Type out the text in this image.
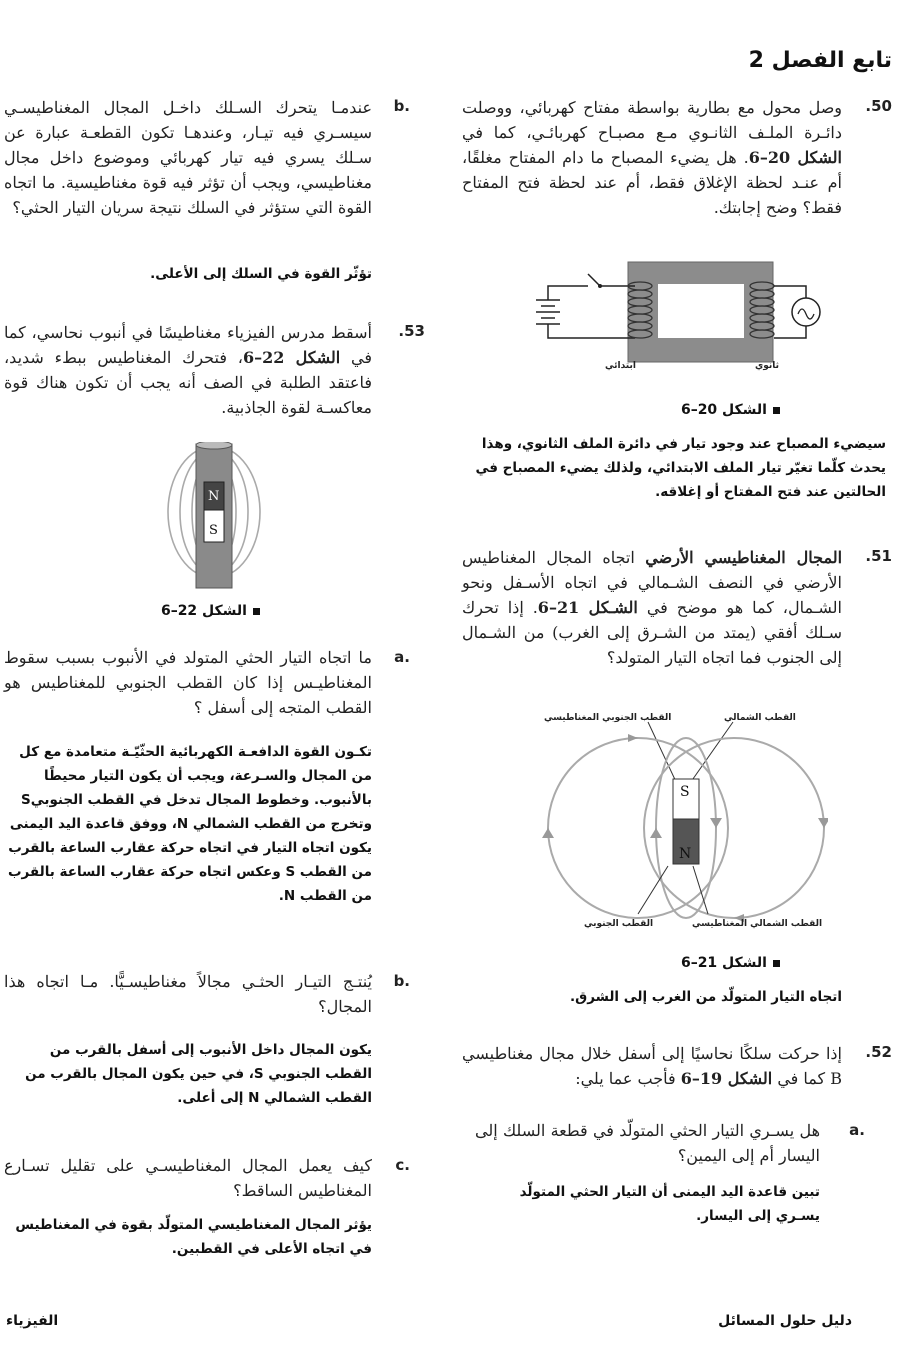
تابع الفصل 2
.50
وصل محول مع بطارية بواسطة مفتاح كهربائي، ووصلت دائـرة الملـف الثانـوي مـع مصبـاح كهربائـي، كما في الشكل 20–6. هل يضيء المصباح ما دام المفتاح مغلقًا، أم عنـد لحظة الإغلاق فقط، أم عند لحظة فتح المفتاح فقط؟ وضح إجابتك.
ابتدائي	ثانوي
الشكل 20–6
سيضيء المصباح عند وجود تيار في دائرة الملف الثانوي، وهذا يحدث كلّما تغيّر تيار الملف الابتدائي، ولذلك يضيء المصباح في الحالتين عند فتح المفتاح أو إغلاقه.
.51
المجال المغناطيسي الأرضي اتجاه المجال المغناطيس الأرضي في النصف الشـمالي في اتجاه الأسـفل ونحو الشـمال، كما هو موضح في الشـكل 21–6. إذا تحرك سـلك أفقي (يمتد من الشـرق إلى الغرب) من الشـمال إلى الجنوب فما اتجاه التيار المتولد؟
القطب الجنوبي المغناطيسي	القطب الشمالي
S
N
القطب الجنوبي	القطب الشمالي المغناطيسي
الشكل 21–6
اتجاه التيار المتولّد من الغرب إلى الشرق.
.52
إذا حركت سلكًا نحاسيًا إلى أسفل خلال مجال مغناطيسي B كما في الشكل 19–6 فأجب عما يلي:
a.
هل يسـري التيار الحثي المتولّد في قطعة السلك إلى اليسار أم إلى اليمين؟
تبين قاعدة اليد اليمنى أن التيار الحثي المتولّد يسـري إلى اليسار.
b.
عندمـا يتحرك السـلك داخـل المجال المغناطيسـي سيسـري فيه تيـار، وعندهـا تكون القطعـة عبارة عن سـلك يسري فيه تيار كهربائي وموضوع داخل مجال مغناطيسي، ويجب أن تؤثر فيه قوة مغناطيسية. ما اتجاه القوة التي ستؤثر في السلك نتيجة سريان التيار الحثي؟
تؤثّر القوة في السلك إلى الأعلى.
.53
أسقط مدرس الفيزياء مغناطيسًا في أنبوب نحاسي، كما في الشكل 22–6، فتحرك المغناطيس ببطء شديد، فاعتقد الطلبة في الصف أنه يجب أن تكون هناك قوة معاكسـة لقوة الجاذبية.
N
S
الشكل 22–6
a.
ما اتجاه التيار الحثي المتولد في الأنبوب بسبب سقوط المغناطيـس إذا كان القطب الجنوبي للمغناطيس هو القطب المتجه إلى أسفل ؟
تكـون القوة الدافعـة الكهربائية الحثّيّـة متعامدة مع كل من المجال والسـرعة، ويجب أن يكون التيار محيطًا بالأنبوب. وخطوط المجال تدخل في القطب الجنوبيS وتخرج من القطب الشمالي N، ووفق قاعدة اليد اليمنى يكون اتجاه التيار في اتجاه حركة عقارب الساعة بالقرب من القطب S وعكس اتجاه حركة عقارب الساعة بالقرب من القطب N.
b.
يُنتـج التيـار الحثـي مجالاً مغناطيسـيًّا. مـا اتجاه هذا المجال؟
يكون المجال داخل الأنبوب إلى أسفل بالقرب من القطب الجنوبي S، في حين يكون المجال بالقرب من القطب الشمالي N إلى أعلى.
c.
كيف يعمل المجال المغناطيسـي على تقليل تسـارع المغناطيس الساقط؟
يؤثر المجال المغناطيسي المتولّد بقوة في المغناطيس في اتجاه الأعلى في القطبين.
دليل حلول المسائل
الفيزياء
